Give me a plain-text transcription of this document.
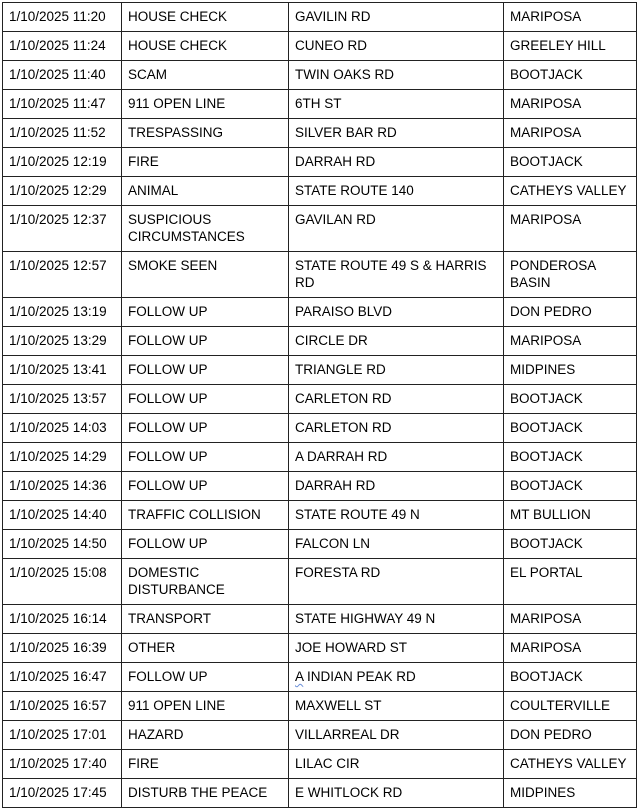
1/10/2025 11:20	HOUSE CHECK	GAVILIN RD	MARIPOSA
1/10/2025 11:24	HOUSE CHECK	CUNEO RD	GREELEY HILL
1/10/2025 11:40	SCAM	TWIN OAKS RD	BOOTJACK
1/10/2025 11:47	911 OPEN LINE	6TH ST	MARIPOSA
1/10/2025 11:52	TRESPASSING	SILVER BAR RD	MARIPOSA
1/10/2025 12:19	FIRE	DARRAH RD	BOOTJACK
1/10/2025 12:29	ANIMAL	STATE ROUTE 140	CATHEYS VALLEY
1/10/2025 12:37	SUSPICIOUS CIRCUMSTANCES	GAVILAN RD	MARIPOSA
1/10/2025 12:57	SMOKE SEEN	STATE ROUTE 49 S & HARRIS RD	PONDEROSA BASIN
1/10/2025 13:19	FOLLOW UP	PARAISO BLVD	DON PEDRO
1/10/2025 13:29	FOLLOW UP	CIRCLE DR	MARIPOSA
1/10/2025 13:41	FOLLOW UP	TRIANGLE RD	MIDPINES
1/10/2025 13:57	FOLLOW UP	CARLETON RD	BOOTJACK
1/10/2025 14:03	FOLLOW UP	CARLETON RD	BOOTJACK
1/10/2025 14:29	FOLLOW UP	A DARRAH RD	BOOTJACK
1/10/2025 14:36	FOLLOW UP	DARRAH RD	BOOTJACK
1/10/2025 14:40	TRAFFIC COLLISION	STATE ROUTE 49 N	MT BULLION
1/10/2025 14:50	FOLLOW UP	FALCON LN	BOOTJACK
1/10/2025 15:08	DOMESTIC DISTURBANCE	FORESTA RD	EL PORTAL
1/10/2025 16:14	TRANSPORT	STATE HIGHWAY 49 N	MARIPOSA
1/10/2025 16:39	OTHER	JOE HOWARD ST	MARIPOSA
1/10/2025 16:47	FOLLOW UP	A INDIAN PEAK RD	BOOTJACK
1/10/2025 16:57	911 OPEN LINE	MAXWELL ST	COULTERVILLE
1/10/2025 17:01	HAZARD	VILLARREAL DR	DON PEDRO
1/10/2025 17:40	FIRE	LILAC CIR	CATHEYS VALLEY
1/10/2025 17:45	DISTURB THE PEACE	E WHITLOCK RD	MIDPINES
